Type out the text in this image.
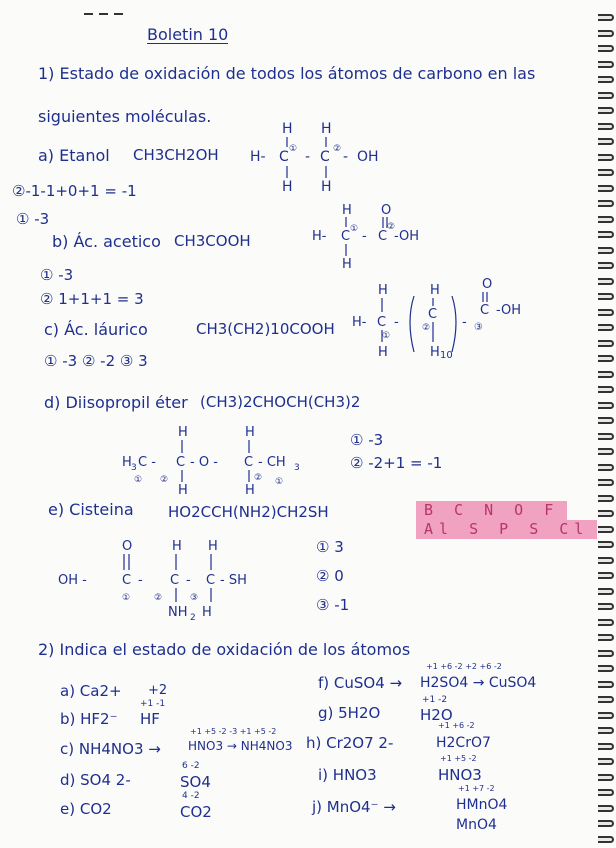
Boletin 10
1) Estado de oxidación de todos los átomos de carbono en las
siguientes moléculas.
a) Etanol CH3CH2OH
H H
H- C - C - OH
H H
①	②
②-1-1+0+1 = -1
① -3
b) Ác. acetico CH3COOH
H O
H- C - C -OH
H
①	②
① -3
② 1+1+1 = 3
c) Ác. láurico	CH3(CH2)10COOH
H	H	O
H- C -
C
-
C -OH
H	H 10
①
②	③
① -3 ② -2 ③ 3
d) Diisopropil éter (CH3)2CHOCH(CH3)2
H	H
H 3 C - C - O - C - CH 3
H	H
① ②	② ①
① -3
② -2+1 = -1
e) Cisteina HO2CCH(NH2)CH2SH	B C N O F
Al S P S Cl
O	H H
OH -	C - C - C - SH
NH 2 H
①	②	③
① 3
② 0
③ -1
2) Indica el estado de oxidación de los átomos
a) Ca2+ +2
b) HF2⁻
+1 -1
HF
c) NH4NO3 →
+1 +5 -2 -3 +1 +5 -2
HNO3 → NH4NO3
d) SO4 2-
6 -2
SO4
e) CO2
4 -2
CO2
f) CuSO4 →
+1 +6 -2 +2 +6 -2
H2SO4 → CuSO4
g) 5H2O
+1 -2
H2O
h) Cr2O7 2-
+1 +6 -2
H2CrO7
i) HNO3
+1 +5 -2
HNO3
j) MnO4⁻ →
+1 +7 -2
HMnO4
MnO4
